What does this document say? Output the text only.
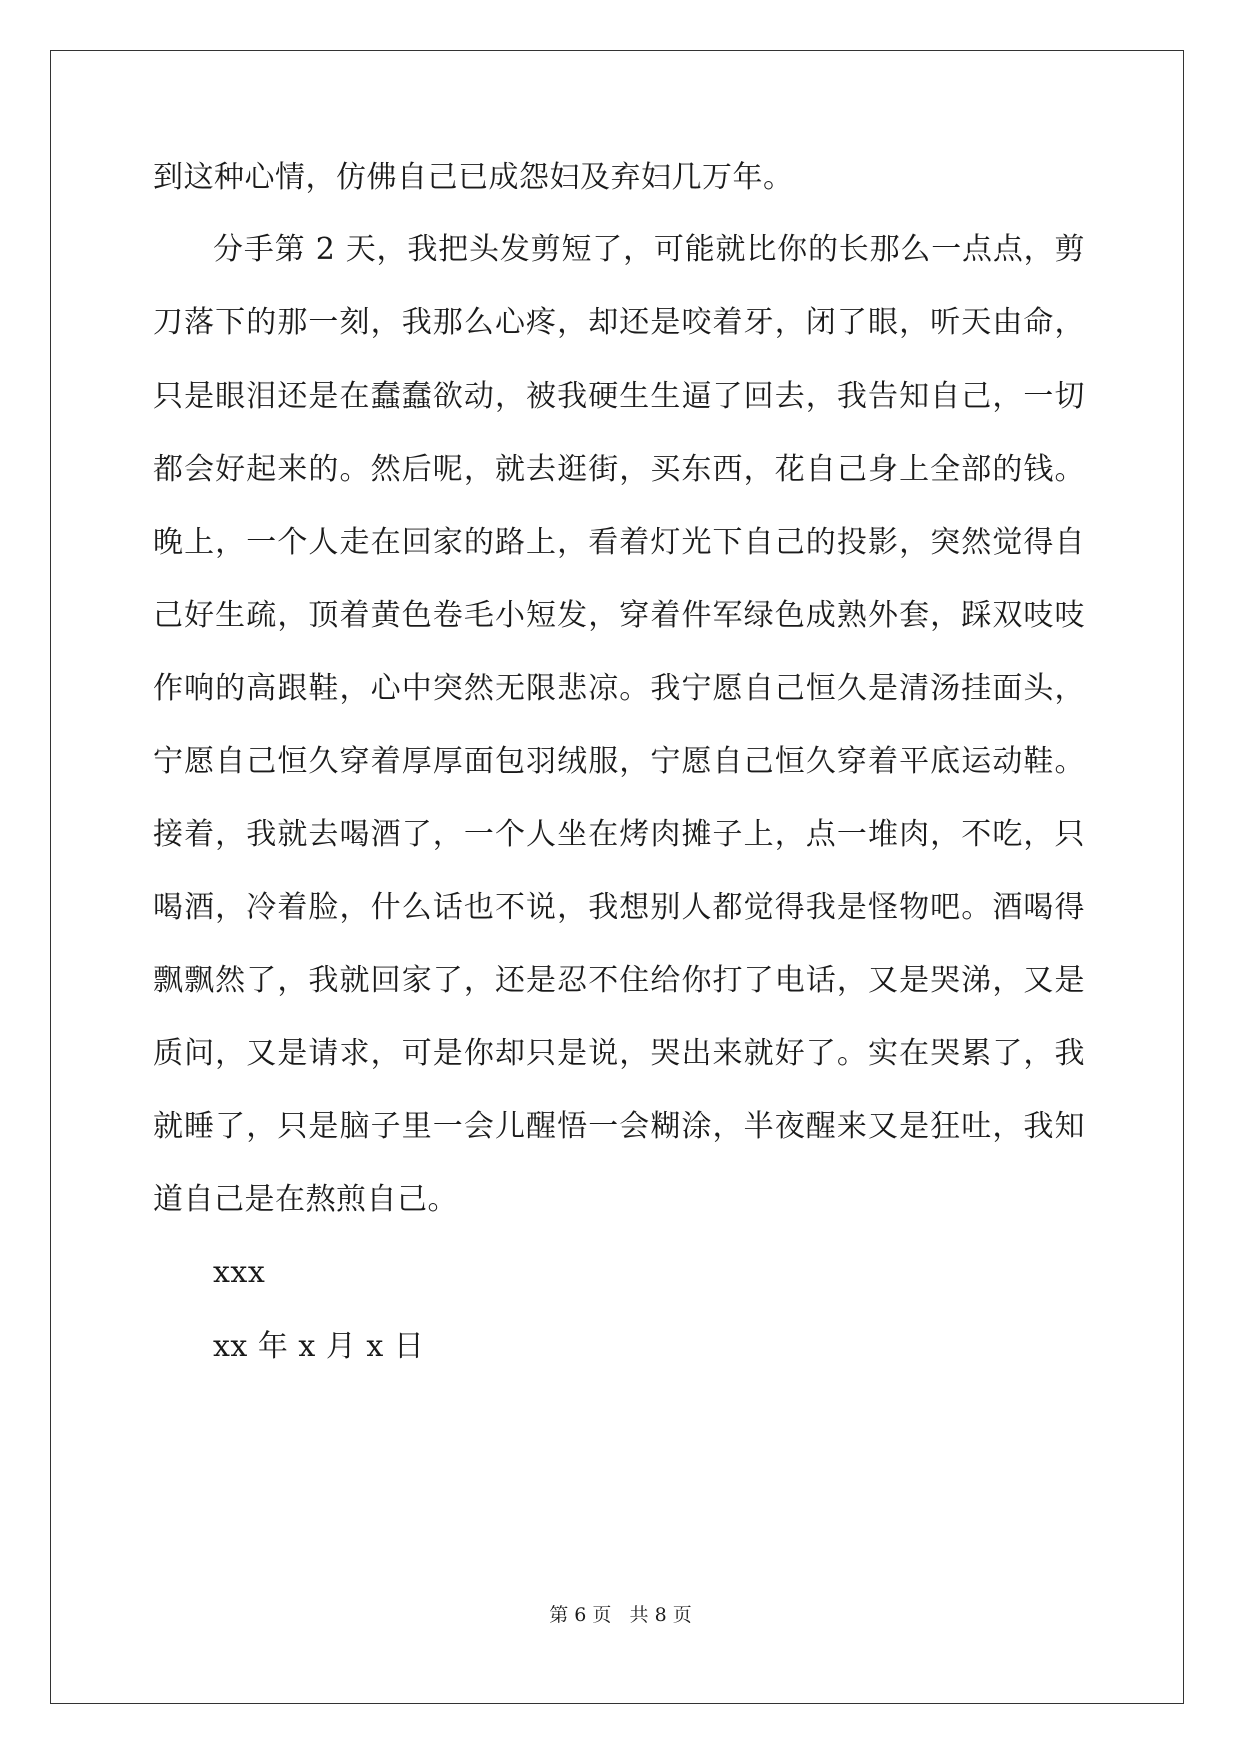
到这种心情，仿佛自己已成怨妇及弃妇几万年。
分手第 2 天，我把头发剪短了，可能就比你的长那么一点点，剪
刀落下的那一刻，我那么心疼，却还是咬着牙，闭了眼，听天由命，
只是眼泪还是在蠢蠢欲动，被我硬生生逼了回去，我告知自己，一切
都会好起来的。然后呢，就去逛街，买东西，花自己身上全部的钱。
晚上，一个人走在回家的路上，看着灯光下自己的投影，突然觉得自
己好生疏，顶着黄色卷毛小短发，穿着件军绿色成熟外套，踩双吱吱
作响的高跟鞋，心中突然无限悲凉。我宁愿自己恒久是清汤挂面头，
宁愿自己恒久穿着厚厚面包羽绒服，宁愿自己恒久穿着平底运动鞋。
接着，我就去喝酒了，一个人坐在烤肉摊子上，点一堆肉，不吃，只
喝酒，冷着脸，什么话也不说，我想别人都觉得我是怪物吧。酒喝得
飘飘然了，我就回家了，还是忍不住给你打了电话，又是哭涕，又是
质问，又是请求，可是你却只是说，哭出来就好了。实在哭累了，我
就睡了，只是脑子里一会儿醒悟一会糊涂，半夜醒来又是狂吐，我知
道自己是在熬煎自己。
xxx
xx 年 x 月 x 日
第 6 页   共 8 页
